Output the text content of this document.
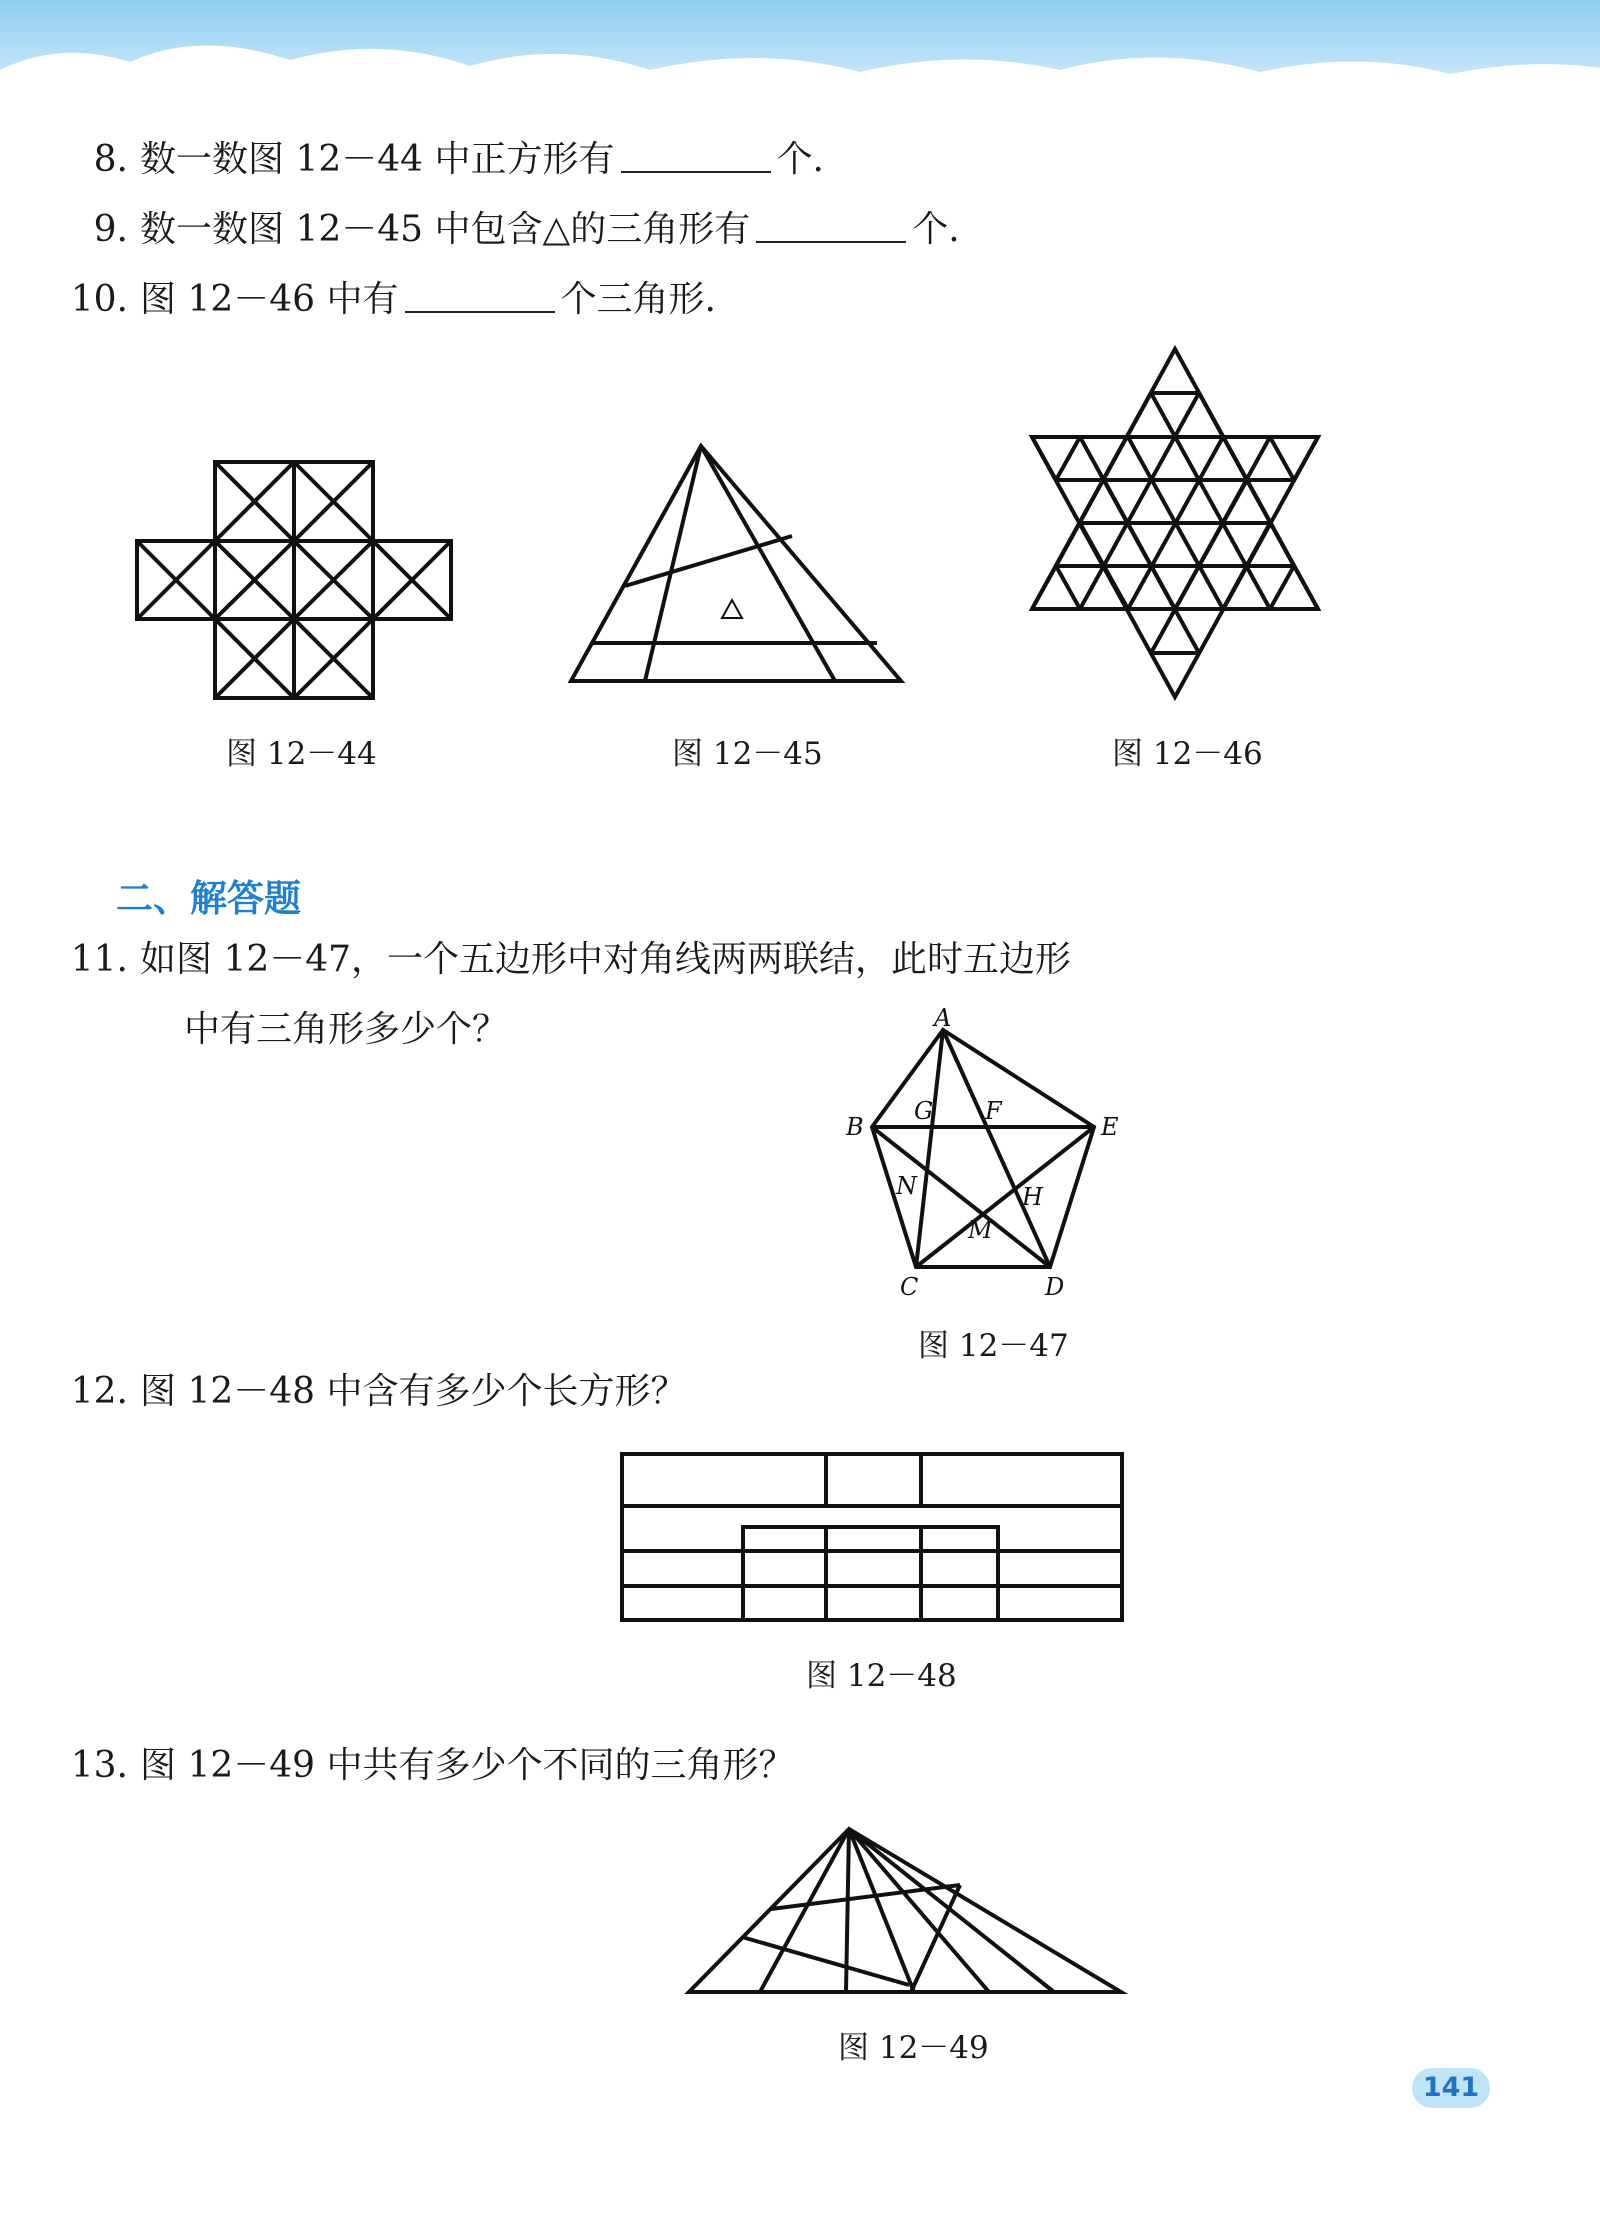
8. 数一数图 12－44 中正方形有	个.
9. 数一数图 12－45 中包含△的三角形有	个.
10. 图 12－46 中有	个三角形.
图 12－44	图 12－45	图 12－46
二、解答题
11. 如图 12－47，一个五边形中对角线两两联结，此时五边形
中有三角形多少个？	A
B
C	D
E
F
G
H
M
N
图 12－47
12. 图 12－48 中含有多少个长方形？
图 12－48
13. 图 12－49 中共有多少个不同的三角形？
图 12－49
141
